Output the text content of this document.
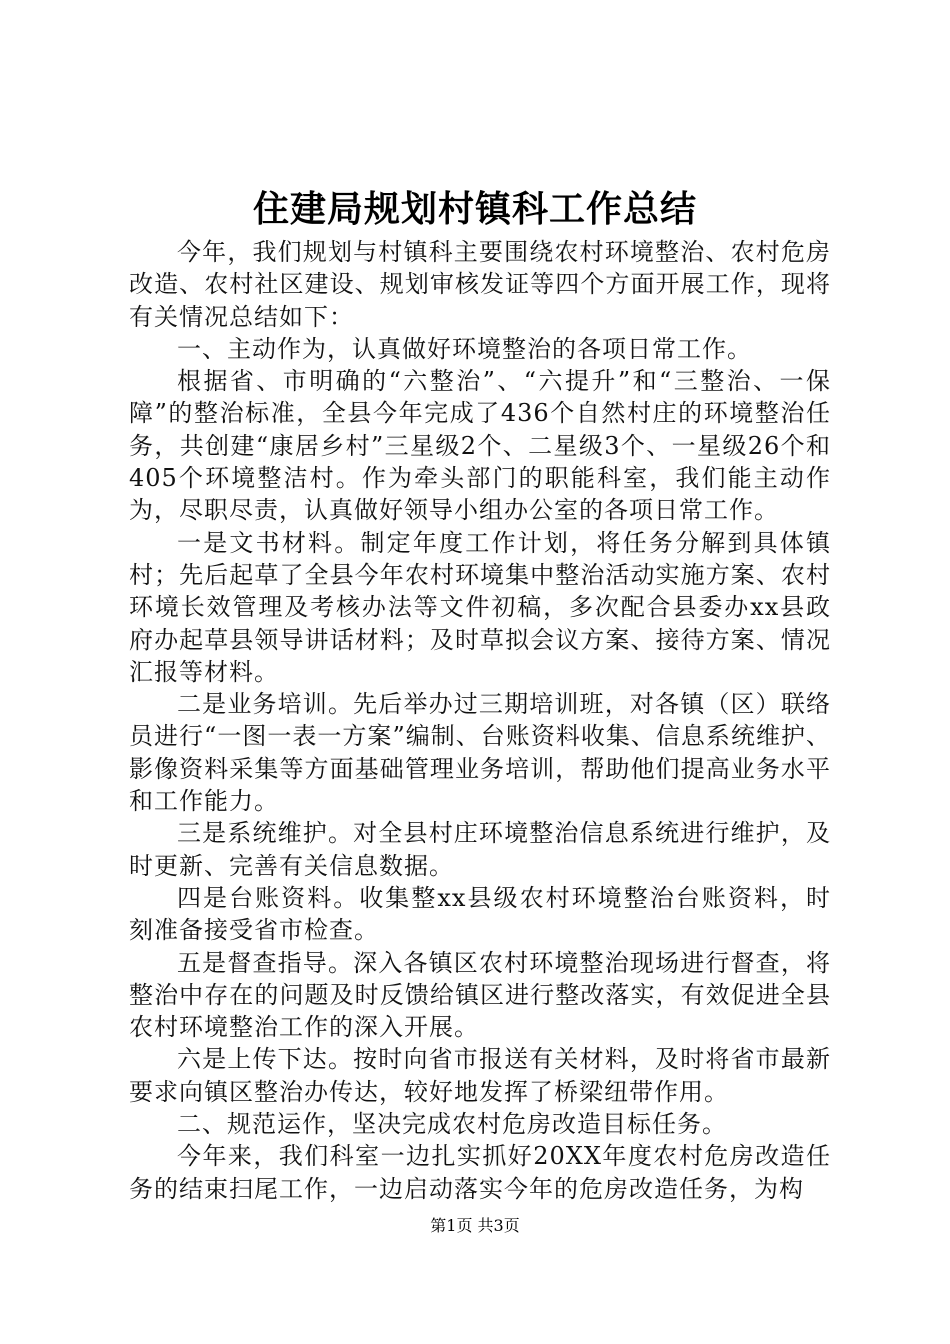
住建局规划村镇科工作总结

今年，我们规划与村镇科主要围绕农村环境整治、农村危房改造、农村社区建设、规划审核发证等四个方面开展工作，现将有关情况总结如下：

一、主动作为，认真做好环境整治的各项日常工作。

根据省、市明确的“六整治”、“六提升”和“三整治、一保障”的整治标准，全县今年完成了436个自然村庄的环境整治任务，共创建“康居乡村”三星级2个、二星级3个、一星级26个和405个环境整洁村。作为牵头部门的职能科室，我们能主动作为，尽职尽责，认真做好领导小组办公室的各项日常工作。

一是文书材料。制定年度工作计划，将任务分解到具体镇村；先后起草了全县今年农村环境集中整治活动实施方案、农村环境长效管理及考核办法等文件初稿，多次配合县委办xx县政府办起草县领导讲话材料；及时草拟会议方案、接待方案、情况汇报等材料。

二是业务培训。先后举办过三期培训班，对各镇（区）联络员进行“一图一表一方案”编制、台账资料收集、信息系统维护、影像资料采集等方面基础管理业务培训，帮助他们提高业务水平和工作能力。

三是系统维护。对全县村庄环境整治信息系统进行维护，及时更新、完善有关信息数据。

四是台账资料。收集整xx县级农村环境整治台账资料，时刻准备接受省市检查。

五是督查指导。深入各镇区农村环境整治现场进行督查，将整治中存在的问题及时反馈给镇区进行整改落实，有效促进全县农村环境整治工作的深入开展。

六是上传下达。按时向省市报送有关材料，及时将省市最新要求向镇区整治办传达，较好地发挥了桥梁纽带作用。

二、规范运作，坚决完成农村危房改造目标任务。

今年来，我们科室一边扎实抓好20XX年度农村危房改造任务的结束扫尾工作，一边启动落实今年的危房改造任务，为构

第1页 共3页
